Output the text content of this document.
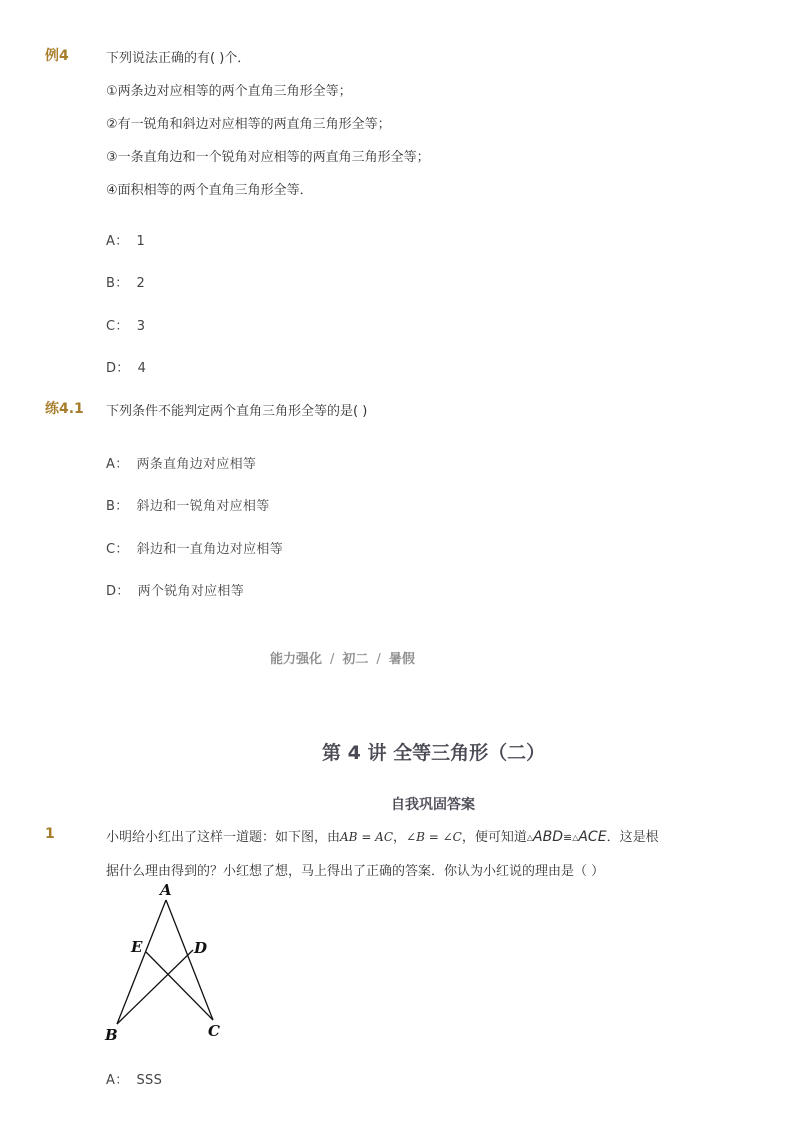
例4	下列说法正确的有( )个．
①两条边对应相等的两个直角三角形全等；
②有一锐角和斜边对应相等的两直角三角形全等；
③一条直角边和一个锐角对应相等的两直角三角形全等；
④面积相等的两个直角三角形全等．
A： 1
B： 2
C： 3
D： 4
练4.1 下列条件不能判定两个直角三角形全等的是( )
A： 两条直角边对应相等
B： 斜边和一锐角对应相等
C： 斜边和一直角边对应相等
D： 两个锐角对应相等
能力强化 / 初二 / 暑假
第 4 讲 全等三角形（二）
自我巩固答案
1	小明给小红出了这样一道题：如下图，由AB = AC，∠B = ∠C，便可知道△ABD≌△ACE．这是根
据什么理由得到的？小红想了想，马上得出了正确的答案．你认为小红说的理由是（ ）
A
E	D
B	C
A： SSS
